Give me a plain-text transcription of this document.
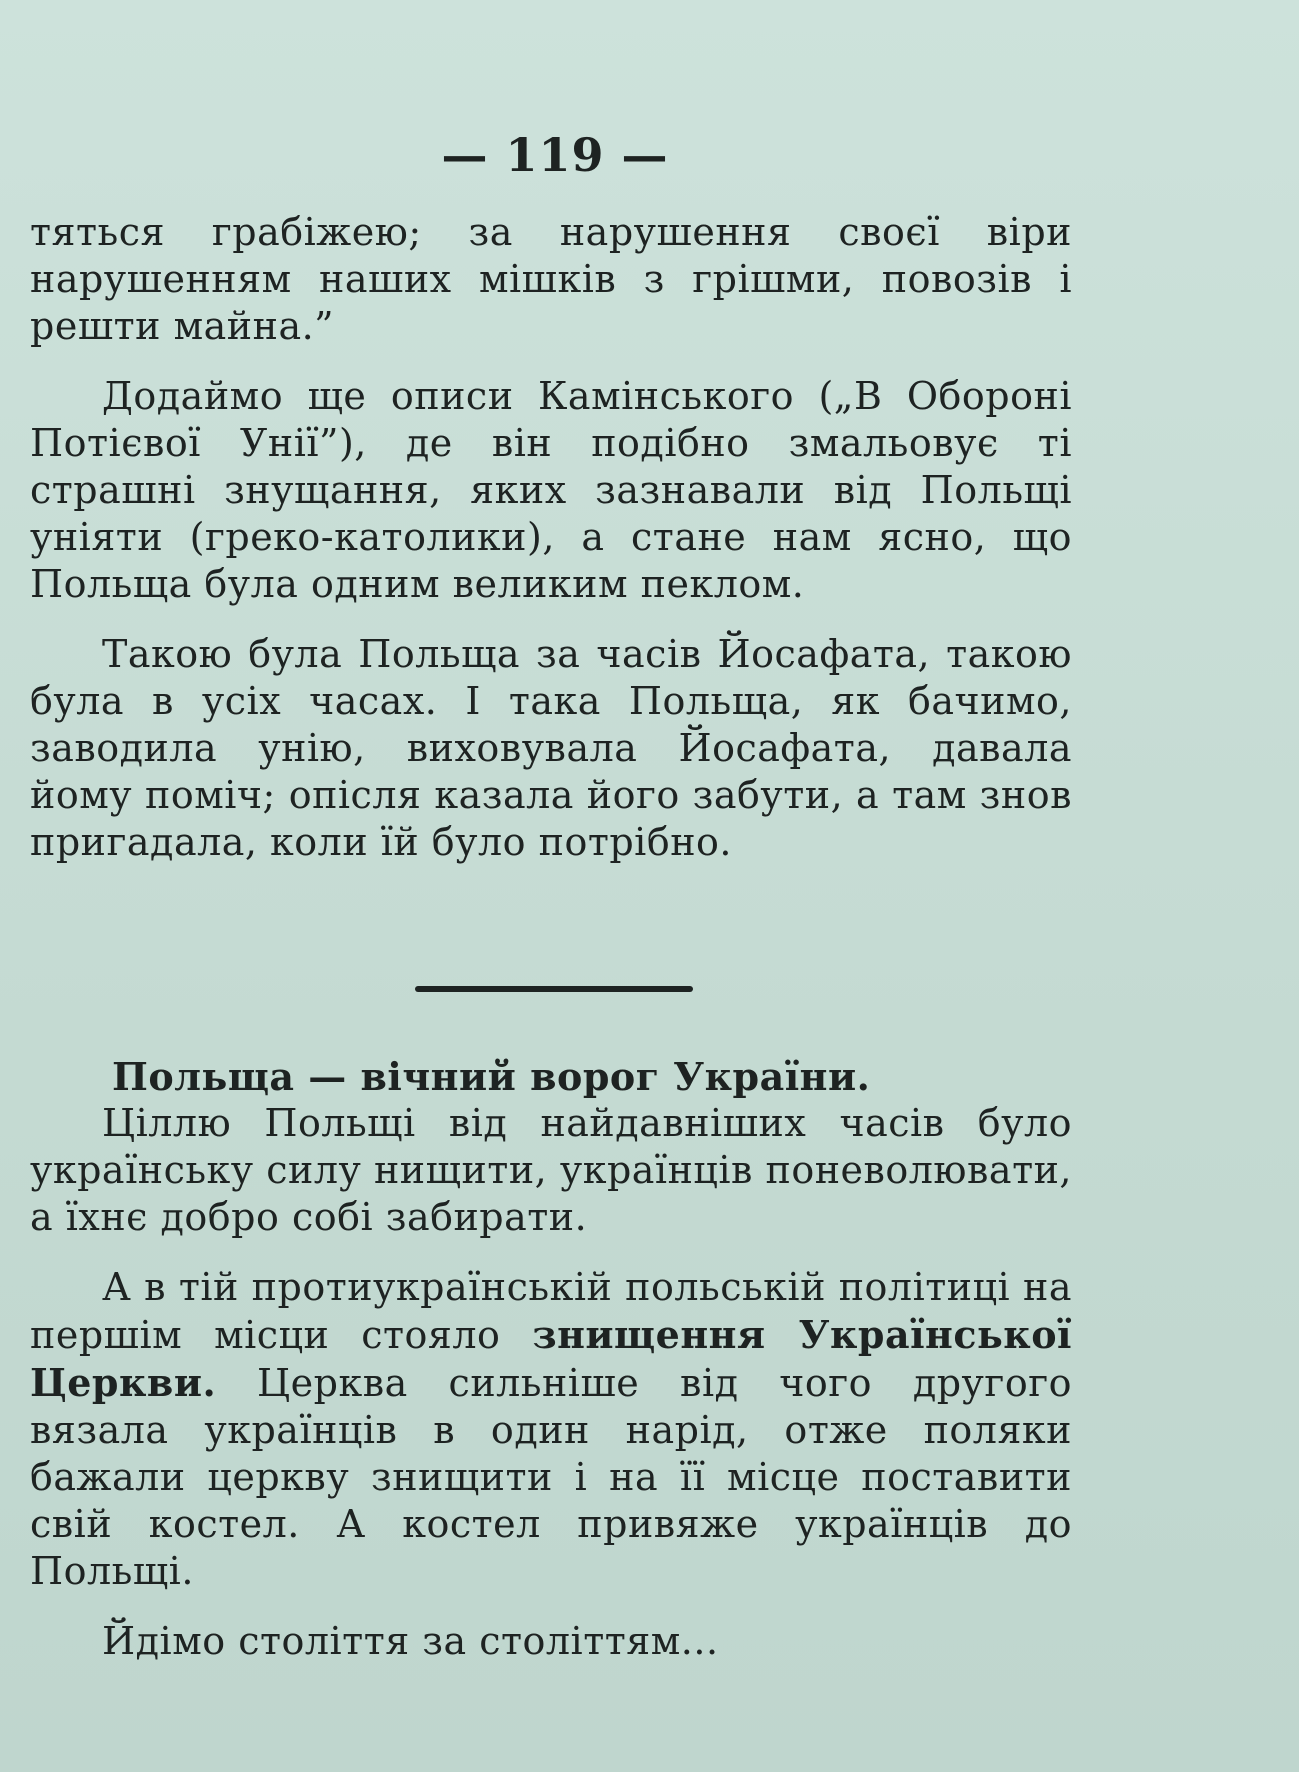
— 119 —

тяться грабіжею; за нарушення своєї віри нарушенням наших мішків з грішми, повозів і решти майна.”

Додаймо ще описи Камінського („В Обороні Потієвої Унії”), де він подібно змальовує ті страшні знущання, яких зазнавали від Польщі уніяти (греко-католики), а стане нам ясно, що Польща була одним великим пеклом.

Такою була Польща за часів Йосафата, такою була в усіх часах. І така Польща, як бачимо, заводила унію, виховувала Йосафата, давала йому поміч; опісля казала його забути, а там знов пригадала, коли їй було потрібно.

Польща — вічний ворог України.

Ціллю Польщі від найдавніших часів було українську силу нищити, українців поневолювати, а їхнє добро собі забирати.

А в тій протиукраїнській польській політиці на першім місци стояло знищення Української Церкви. Церква сильніше від чого другого вязала українців в один нарід, отже поляки бажали церкву знищити і на її місце поставити свій костел. А костел привяже українців до Польщі.

Йдімо століття за століттям...
